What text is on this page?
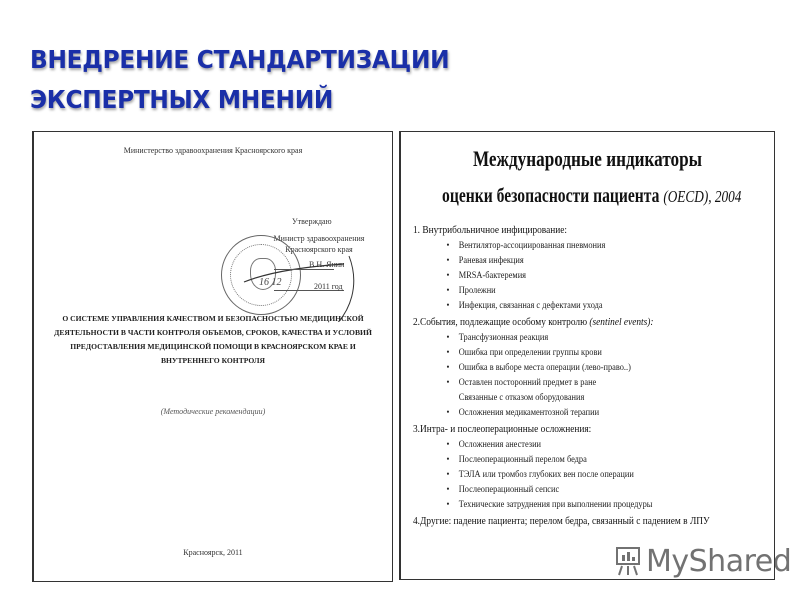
ВНЕДРЕНИЕ СТАНДАРТИЗАЦИИ ЭКСПЕРТНЫХ МНЕНИЙ
Министерство здравоохранения Красноярского края
Утверждаю
Министр здравоохранения
Красноярского края
В.Н. Янин
16 12	2011 год
О СИСТЕМЕ УПРАВЛЕНИЯ КАЧЕСТВОМ И БЕЗОПАСНОСТЬЮ МЕДИЦИНСКОЙ ДЕЯТЕЛЬНОСТИ В ЧАСТИ КОНТРОЛЯ ОБЪЕМОВ, СРОКОВ, КАЧЕСТВА И УСЛОВИЙ ПРЕДОСТАВЛЕНИЯ МЕДИЦИНСКОЙ ПОМОЩИ В КРАСНОЯРСКОМ КРАЕ И ВНУТРЕННЕГО КОНТРОЛЯ
(Методические рекомендации)
Красноярск, 2011
Международные индикаторы
оценки безопасности пациента (OECD), 2004
1. Внутрибольничное инфицирование:
• Вентилятор-ассоциированная пневмония
• Раневая инфекция
• MRSA-бактеремия
• Пролежни
• Инфекция, связанная с дефектами ухода
2.События, подлежащие особому контролю (sentinel events):
• Трансфузионная реакция
• Ошибка при определении группы крови
• Ошибка в выборе места операции (лево-право..)
• Оставлен посторонний предмет в ране
Связанные с отказом оборудования
• Осложнения медикаментозной терапии
3.Интра- и послеоперационные осложнения:
• Осложнения анестезии
• Послеоперационный перелом бедра
• ТЭЛА или тромбоз глубоких вен после операции
• Послеоперационный сепсис
• Технические затруднения при выполнении процедуры
4.Другие: падение пациента; перелом бедра, связанный с падением в ЛПУ
MyShared
